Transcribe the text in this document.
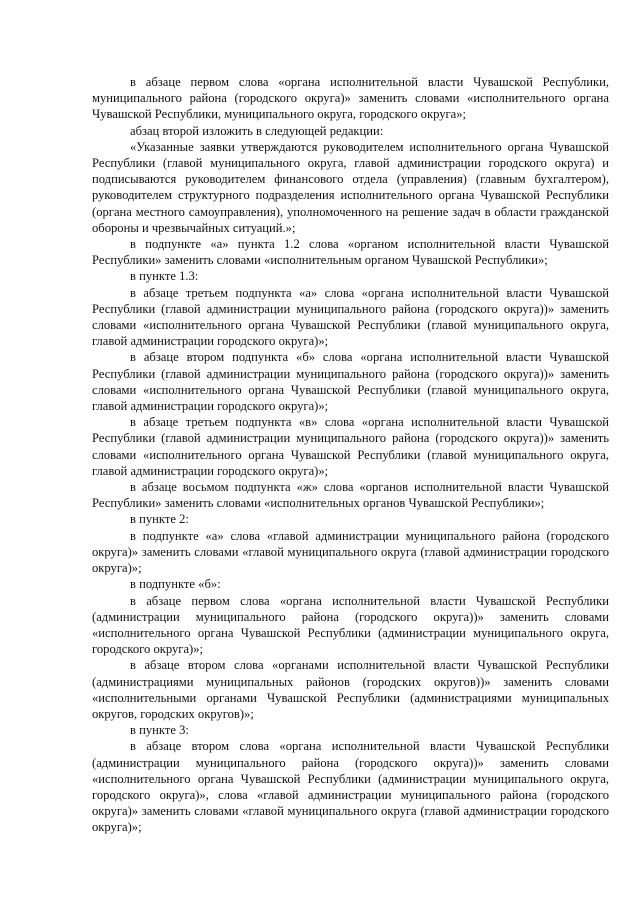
в абзаце первом слова «органа исполнительной власти Чувашской Республики, муниципального района (городского округа)» заменить словами «исполнительного органа Чувашской Республики, муниципального округа, городского округа»;

абзац второй изложить в следующей редакции:

«Указанные заявки утверждаются руководителем исполнительного органа Чувашской Республики (главой муниципального округа, главой администрации городского округа) и подписываются руководителем финансового отдела (управления) (главным бухгалтером), руководителем структурного подразделения исполнительного органа Чувашской Республики (органа местного самоуправления), уполномоченного на решение задач в области гражданской обороны и чрезвычайных ситуаций.»;

в подпункте «а» пункта 1.2 слова «органом исполнительной власти Чувашской Республики» заменить словами «исполнительным органом Чувашской Республики»;

в пункте 1.3:

в абзаце третьем подпункта «а» слова «органа исполнительной власти Чувашской Республики (главой администрации муниципального района (городского округа))» заменить словами «исполнительного органа Чувашской Республики (главой муниципального округа, главой администрации городского округа)»;

в абзаце втором подпункта «б» слова «органа исполнительной власти Чувашской Республики (главой администрации муниципального района (городского округа))» заменить словами «исполнительного органа Чувашской Республики (главой муниципального округа, главой администрации городского округа)»;

в абзаце третьем подпункта «в» слова «органа исполнительной власти Чувашской Республики (главой администрации муниципального района (городского округа))» заменить словами «исполнительного органа Чувашской Республики (главой муниципального округа, главой администрации городского округа)»;

в абзаце восьмом подпункта «ж» слова «органов исполнительной власти Чувашской Республики» заменить словами «исполнительных органов Чувашской Республики»;

в пункте 2:

в подпункте «а» слова «главой администрации муниципального района (городского округа)» заменить словами «главой муниципального округа (главой администрации городского округа)»;

в подпункте «б»:

в абзаце первом слова «органа исполнительной власти Чувашской Республики (администрации муниципального района (городского округа))» заменить словами «исполнительного органа Чувашской Республики (администрации муниципального округа, городского округа)»;

в абзаце втором слова «органами исполнительной власти Чувашской Республики (администрациями муниципальных районов (городских округов))» заменить словами «исполнительными органами Чувашской Республики (администрациями муниципальных округов, городских округов)»;

в пункте 3:

в абзаце втором слова «органа исполнительной власти Чувашской Республики (администрации муниципального района (городского округа))» заменить словами «исполнительного органа Чувашской Республики (администрации муниципального округа, городского округа)», слова «главой администрации муниципального района (городского округа)» заменить словами «главой муниципального округа (главой администрации городского округа)»;
